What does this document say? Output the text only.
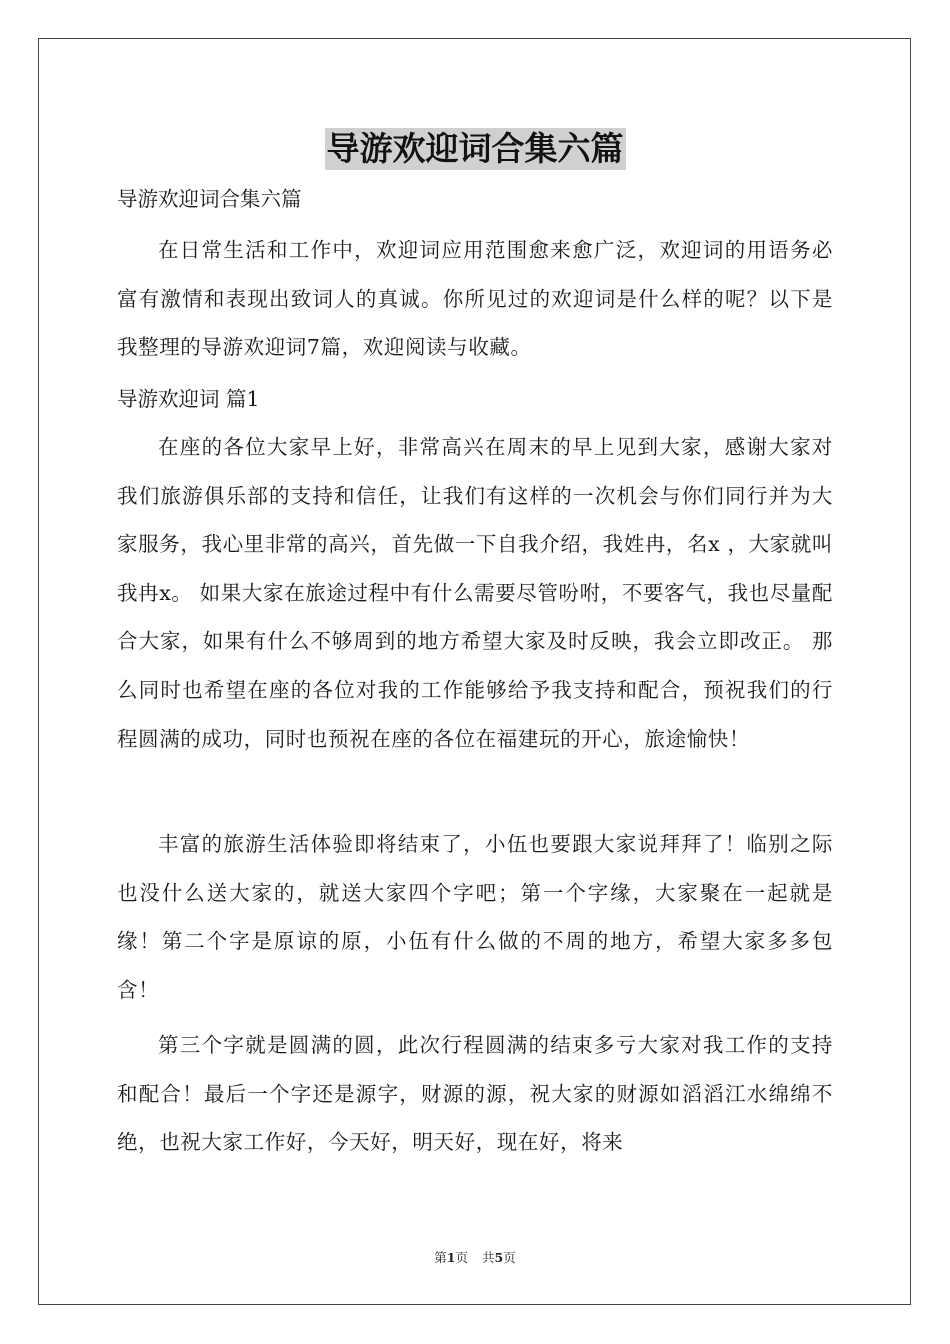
导游欢迎词合集六篇
导游欢迎词合集六篇
在日常生活和工作中，欢迎词应用范围愈来愈广泛，欢迎词的用语务必富有激情和表现出致词人的真诚。你所见过的欢迎词是什么样的呢？以下是我整理的导游欢迎词7篇，欢迎阅读与收藏。
导游欢迎词 篇1
在座的各位大家早上好，非常高兴在周末的早上见到大家，感谢大家对我们旅游俱乐部的支持和信任，让我们有这样的一次机会与你们同行并为大家服务，我心里非常的高兴，首先做一下自我介绍，我姓冉，名x ，大家就叫我冉x。 如果大家在旅途过程中有什么需要尽管吩咐，不要客气，我也尽量配合大家，如果有什么不够周到的地方希望大家及时反映，我会立即改正。 那么同时也希望在座的各位对我的工作能够给予我支持和配合，预祝我们的行程圆满的成功，同时也预祝在座的各位在福建玩的开心，旅途愉快！
丰富的旅游生活体验即将结束了，小伍也要跟大家说拜拜了！临别之际也没什么送大家的，就送大家四个字吧；第一个字缘，大家聚在一起就是缘！第二个字是原谅的原，小伍有什么做的不周的地方，希望大家多多包含！
第三个字就是圆满的圆，此次行程圆满的结束多亏大家对我工作的支持和配合！最后一个字还是源字，财源的源，祝大家的财源如滔滔江水绵绵不绝，也祝大家工作好，今天好，明天好，现在好，将来
第1页 共5页
